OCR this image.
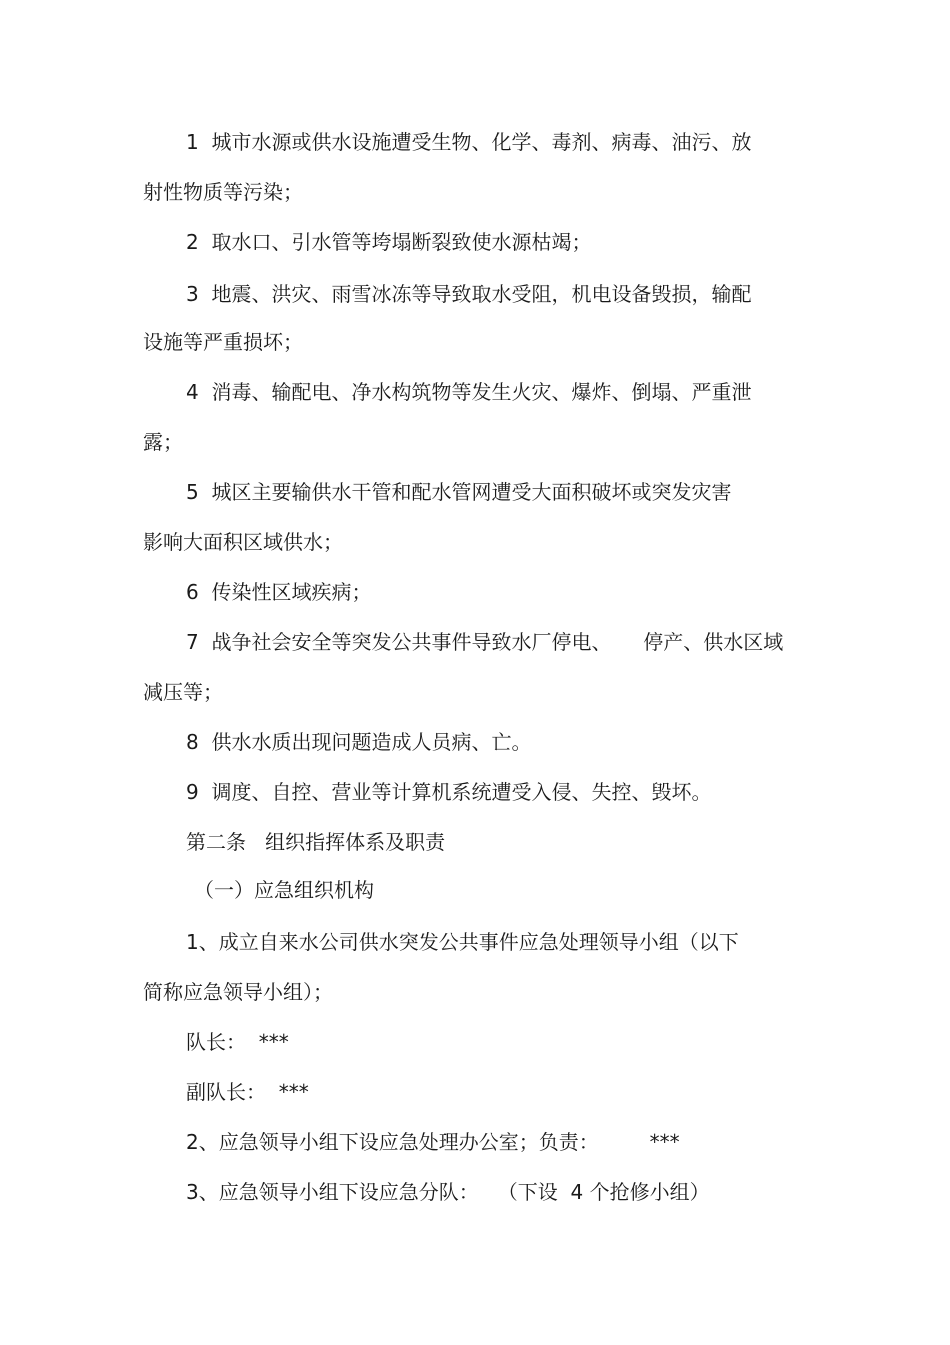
1  城市水源或供水设施遭受生物、化学、毒剂、病毒、油污、放
射性物质等污染；
2  取水口、引水管等垮塌断裂致使水源枯竭；
3  地震、洪灾、雨雪冰冻等导致取水受阻，机电设备毁损，输配
设施等严重损坏；
4  消毒、输配电、净水构筑物等发生火灾、爆炸、倒塌、严重泄
露；
5  城区主要输供水干管和配水管网遭受大面积破坏或突发灾害
影响大面积区域供水；
6  传染性区域疾病；
7  战争社会安全等突发公共事件导致水厂停电、     停产、供水区域
减压等；
8  供水水质出现问题造成人员病、亡。
9  调度、自控、营业等计算机系统遭受入侵、失控、毁坏。
第二条   组织指挥体系及职责
（一）应急组织机构
1、成立自来水公司供水突发公共事件应急处理领导小组（以下
简称应急领导小组）；
队长：  ***
副队长：  ***
2、应急领导小组下设应急处理办公室；负责：        ***
3、应急领导小组下设应急分队：   （下设  4 个抢修小组）
